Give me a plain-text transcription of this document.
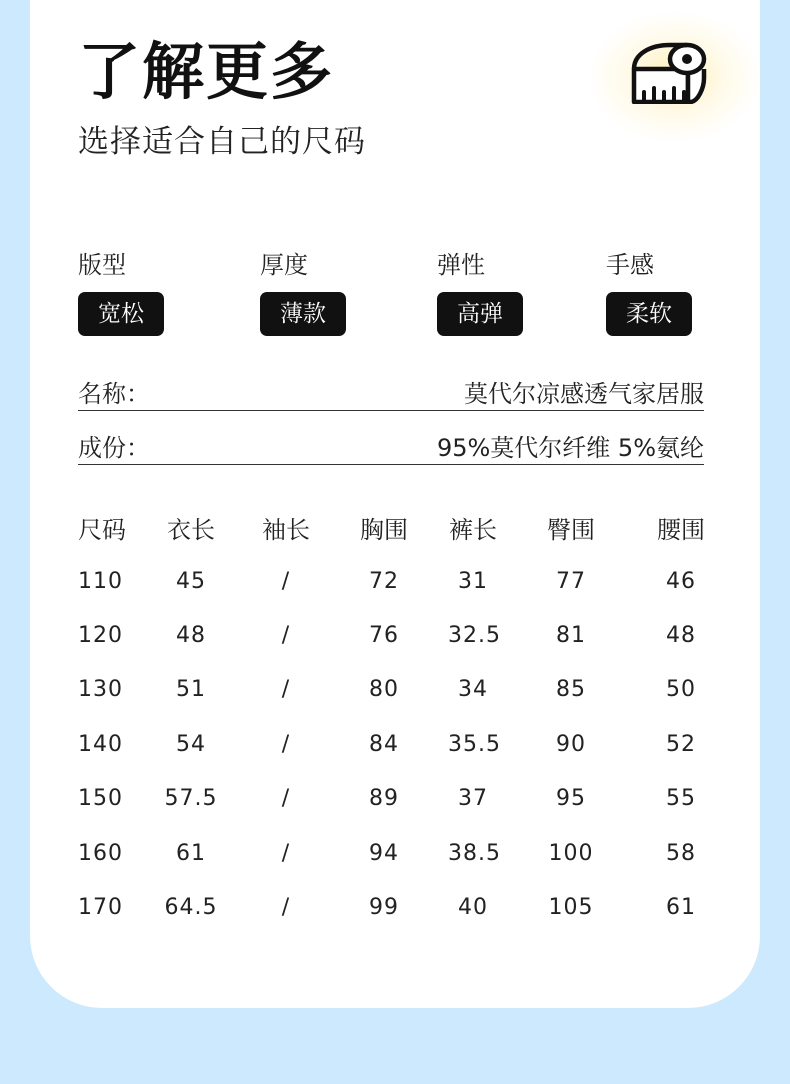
了解更多
选择适合自己的尺码
版型
宽松
厚度
薄款
弹性
高弹
手感
柔软
名称：	莫代尔凉感透气家居服
成份：	95%莫代尔纤维 5%氨纶
尺码	衣长	袖长	胸围	裤长	臀围	腰围
110	45	/	72	31	77	46
120	48	/	76	32.5	81	48
130	51	/	80	34	85	50
140	54	/	84	35.5	90	52
150	57.5	/	89	37	95	55
160	61	/	94	38.5	100	58
170	64.5	/	99	40	105	61
